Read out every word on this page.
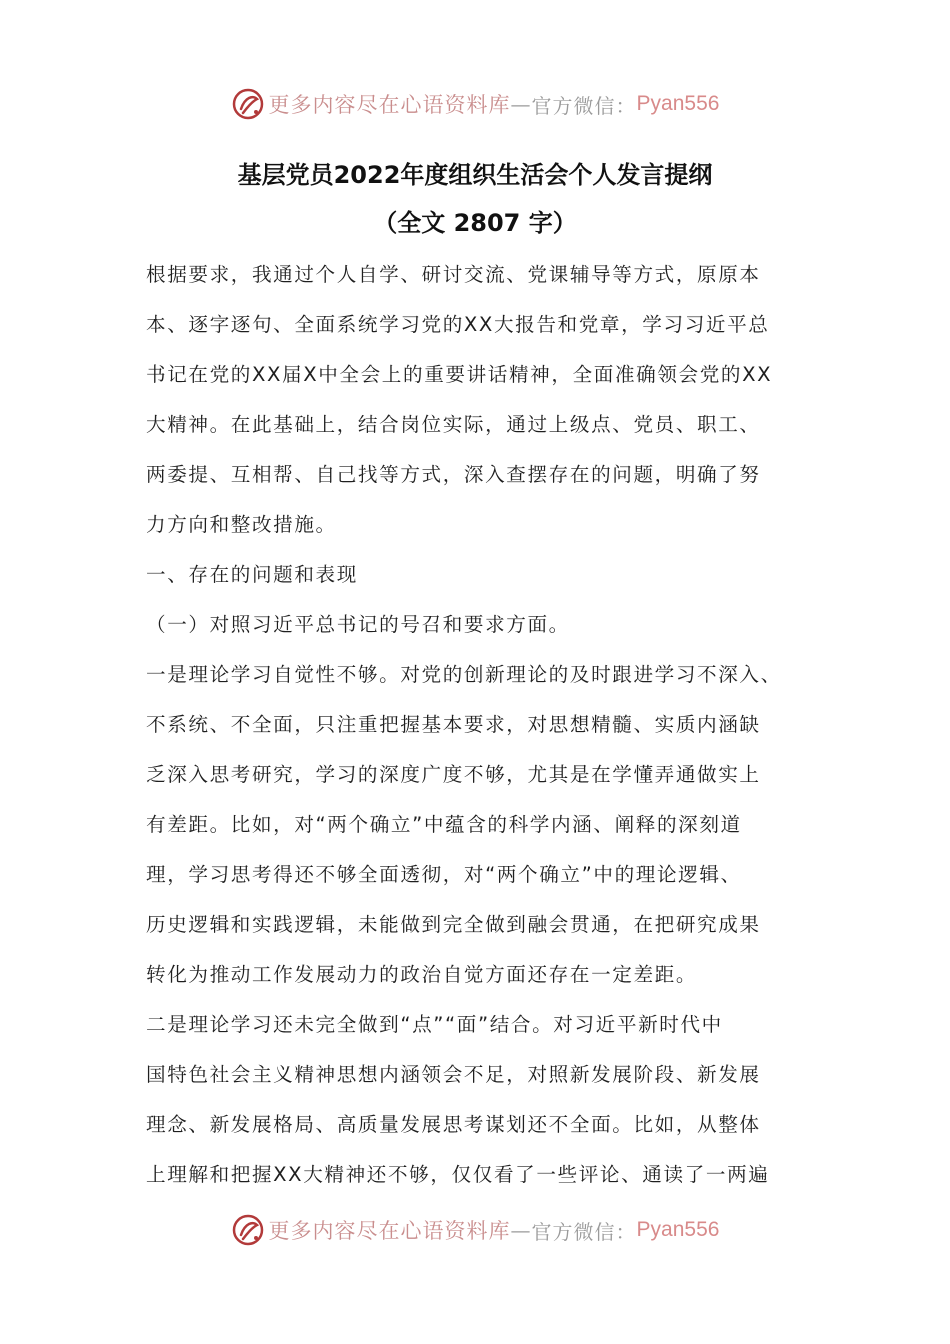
更多内容尽在心语资料库 — 官方微信： Pyan556
基层党员2022年度组织生活会个人发言提纲
（全文 2807 字）
根据要求，我通过个人自学、研讨交流、党课辅导等方式，原原本
本、逐字逐句、全面系统学习党的XX大报告和党章，学习习近平总
书记在党的XX届X中全会上的重要讲话精神，全面准确领会党的XX
大精神。在此基础上，结合岗位实际，通过上级点、党员、职工、
两委提、互相帮、自己找等方式，深入查摆存在的问题，明确了努
力方向和整改措施。
一、存在的问题和表现
（一）对照习近平总书记的号召和要求方面。
一是理论学习自觉性不够。对党的创新理论的及时跟进学习不深入、
不系统、不全面，只注重把握基本要求，对思想精髓、实质内涵缺
乏深入思考研究，学习的深度广度不够，尤其是在学懂弄通做实上
有差距。比如，对“两个确立”中蕴含的科学内涵、阐释的深刻道
理，学习思考得还不够全面透彻，对“两个确立”中的理论逻辑、
历史逻辑和实践逻辑，未能做到完全做到融会贯通，在把研究成果
转化为推动工作发展动力的政治自觉方面还存在一定差距。
二是理论学习还未完全做到“点”“面”结合。对习近平新时代中
国特色社会主义精神思想内涵领会不足，对照新发展阶段、新发展
理念、新发展格局、高质量发展思考谋划还不全面。比如，从整体
上理解和把握XX大精神还不够，仅仅看了一些评论、通读了一两遍
更多内容尽在心语资料库 — 官方微信： Pyan556
